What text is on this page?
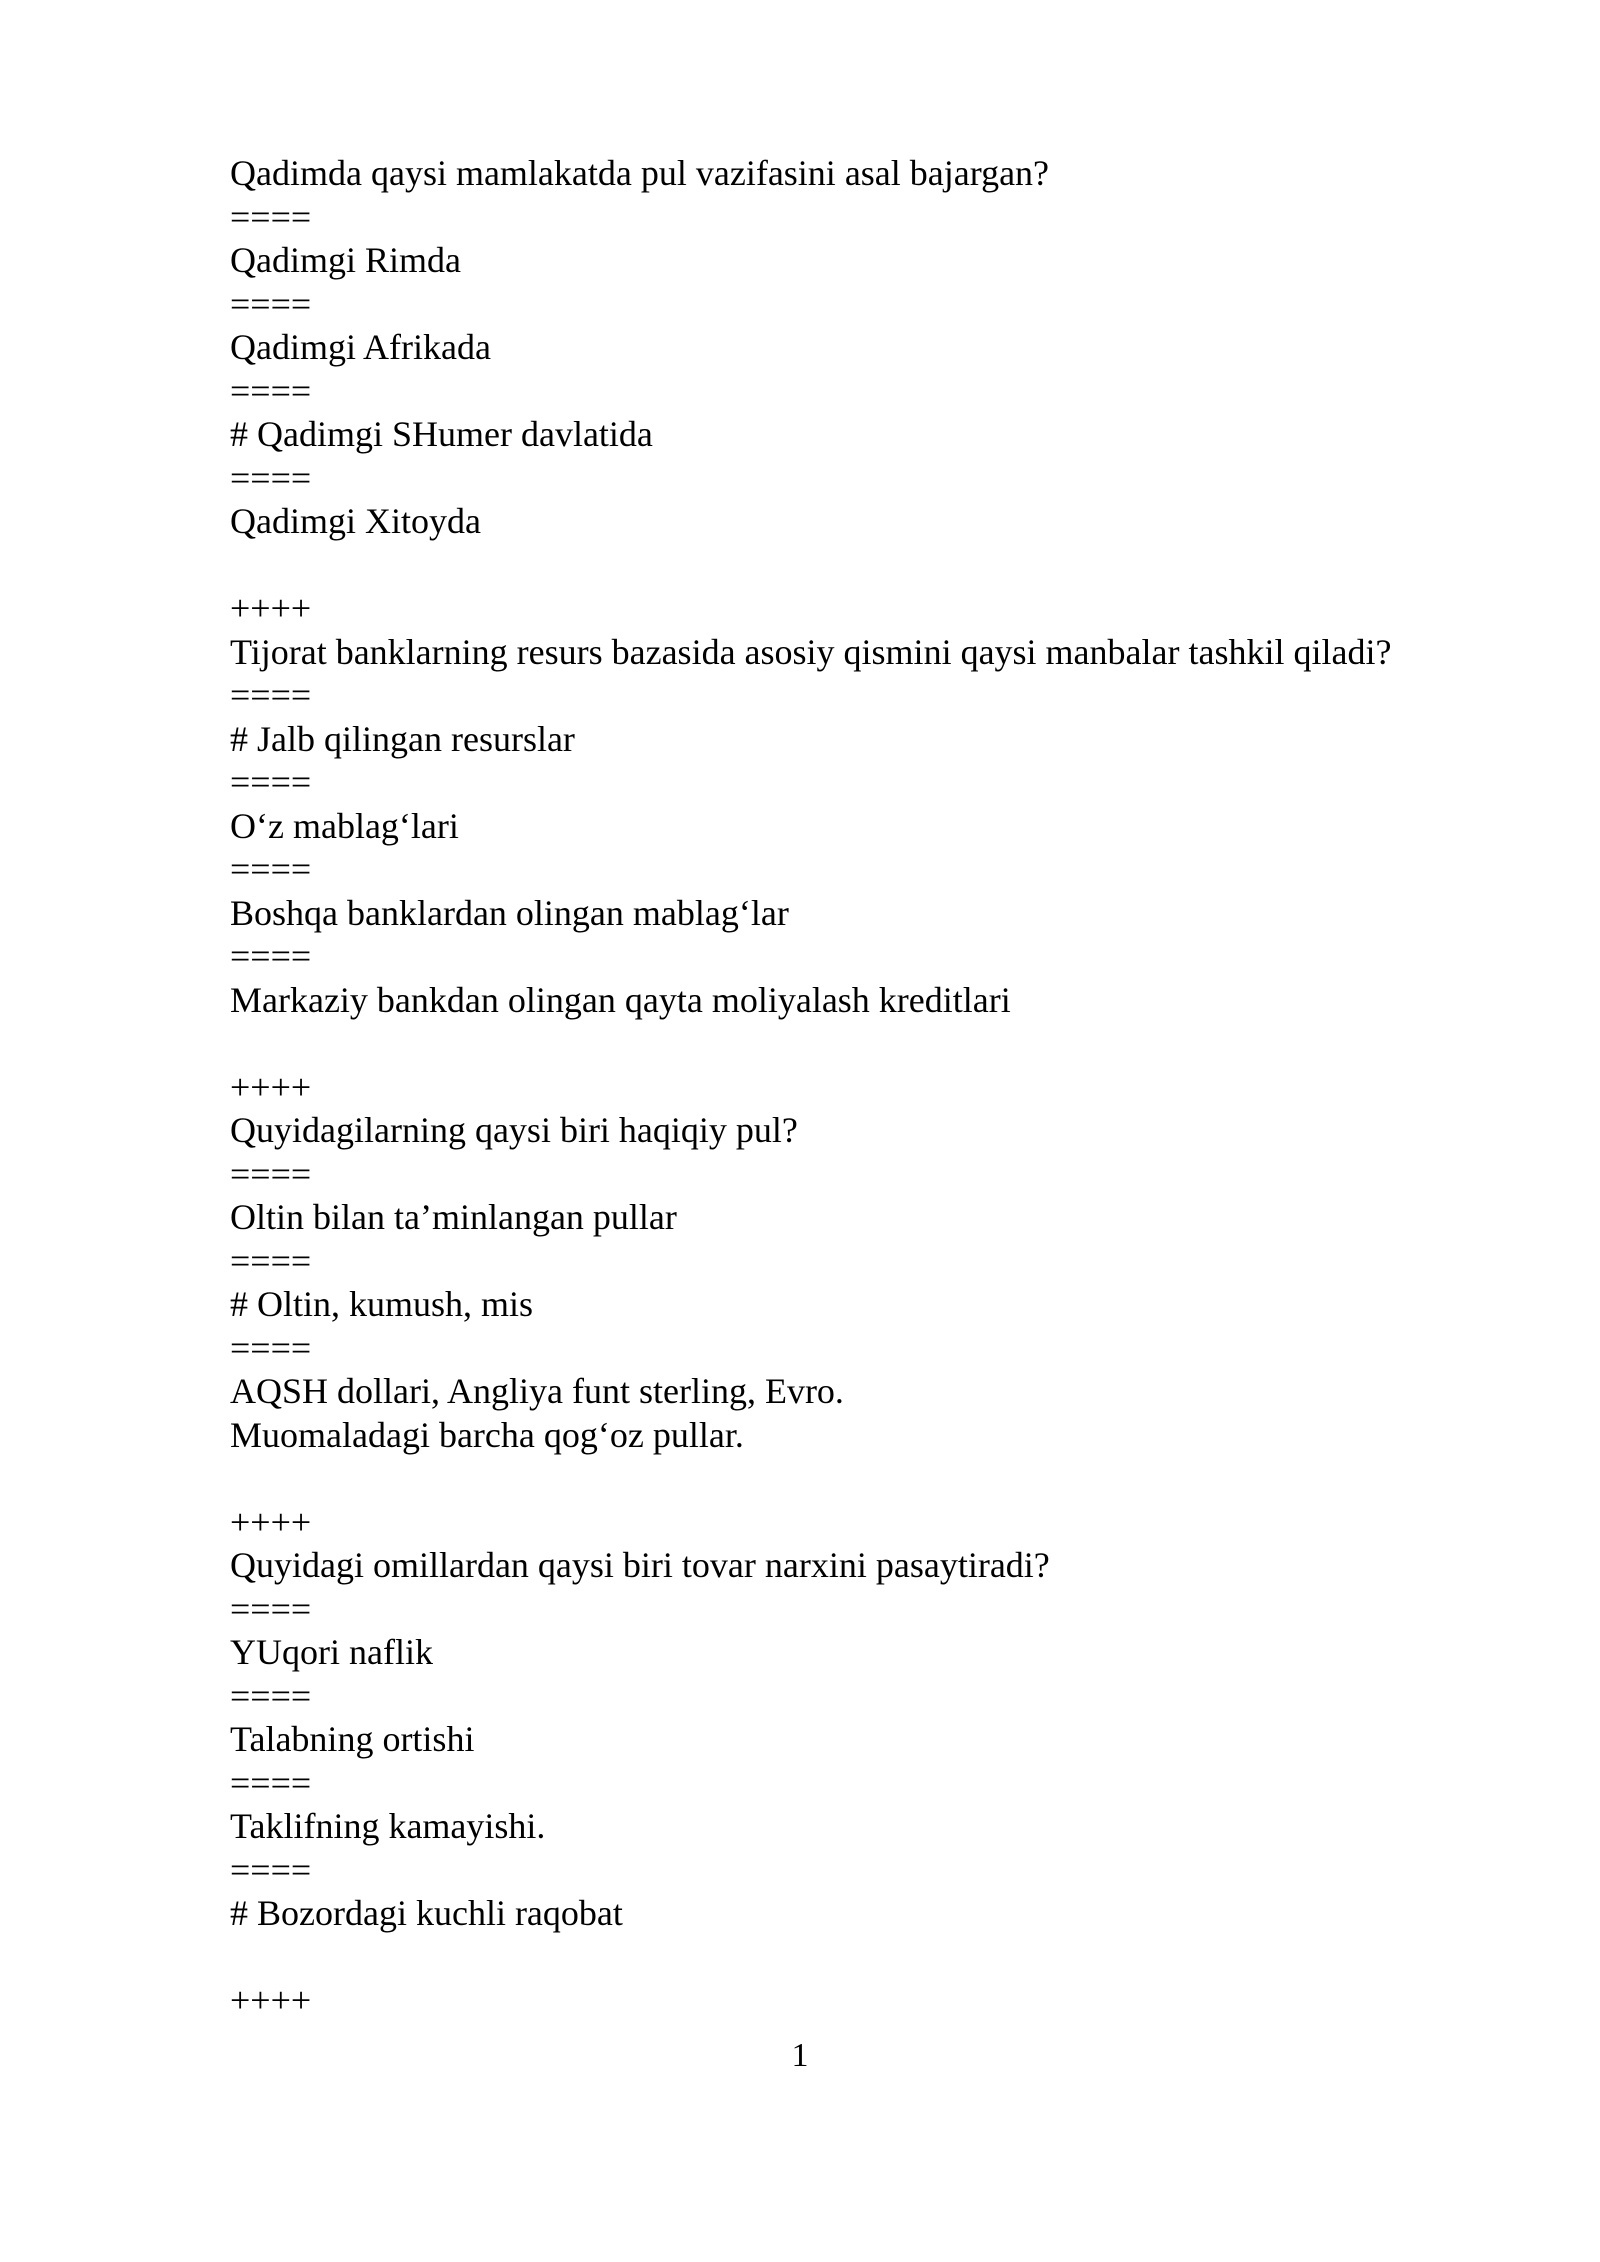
Qadimda qaysi mamlakatda pul vazifasini asal bajargan?
====
Qadimgi Rimda
====
Qadimgi Afrikada
====
# Qadimgi SHumer davlatida
====
Qadimgi Xitoyda
++++
Tijorat banklarning resurs bazasida asosiy qismini qaysi manbalar tashkil qiladi?
====
# Jalb qilingan resurslar
====
O‘z mablag‘lari
====
Boshqa banklardan olingan mablag‘lar
====
Markaziy bankdan olingan qayta moliyalash kreditlari
++++
Quyidagilarning qaysi biri haqiqiy pul?
====
Oltin bilan ta’minlangan pullar
====
# Oltin, kumush, mis
====
AQSH dollari, Angliya funt sterling, Evro.
Muomaladagi barcha qog‘oz pullar.
++++
Quyidagi omillardan qaysi biri tovar narxini pasaytiradi?
====
YUqori naflik
====
Talabning ortishi
====
Taklifning kamayishi.
====
# Bozordagi kuchli raqobat
++++
1
